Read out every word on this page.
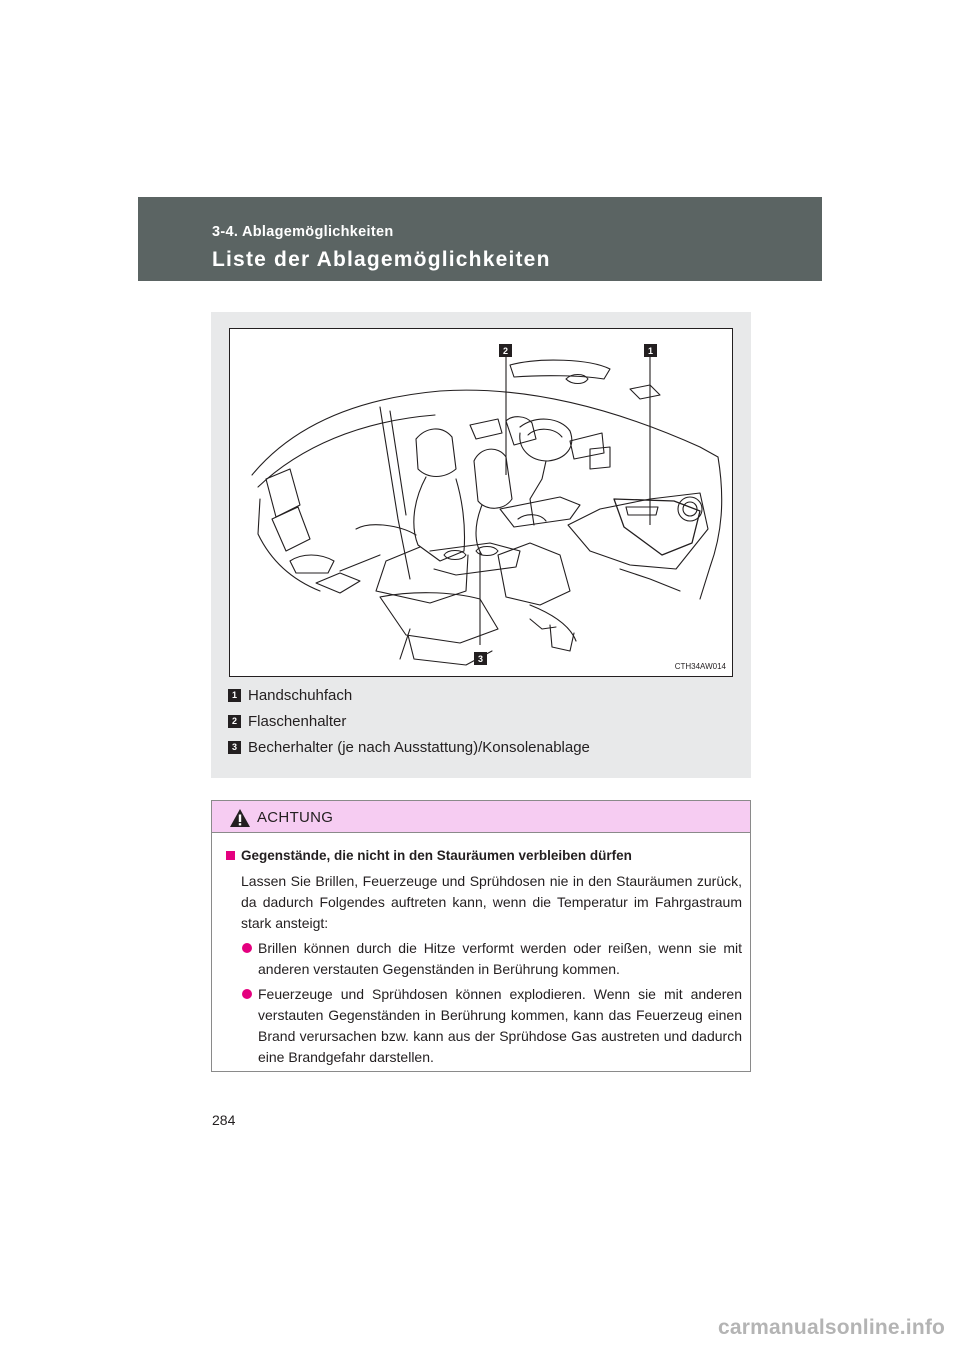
3-4. Ablagemöglichkeiten
Liste der Ablagemöglichkeiten
2	1
3
CTH34AW014
1 Handschuhfach
2 Flaschenhalter
3 Becherhalter (je nach Ausstattung)/Konsolenablage
ACHTUNG
Gegenstände, die nicht in den Stauräumen verbleiben dürfen
Lassen Sie Brillen, Feuerzeuge und Sprühdosen nie in den Stauräumen zurück, da dadurch Folgendes auftreten kann, wenn die Temperatur im Fahrgastraum stark ansteigt:
Brillen können durch die Hitze verformt werden oder reißen, wenn sie mit anderen verstauten Gegenständen in Berührung kommen.
Feuerzeuge und Sprühdosen können explodieren. Wenn sie mit anderen verstauten Gegenständen in Berührung kommen, kann das Feuerzeug einen Brand verursachen bzw. kann aus der Sprühdose Gas austreten und dadurch eine Brandgefahr darstellen.
284
carmanualsonline.info
